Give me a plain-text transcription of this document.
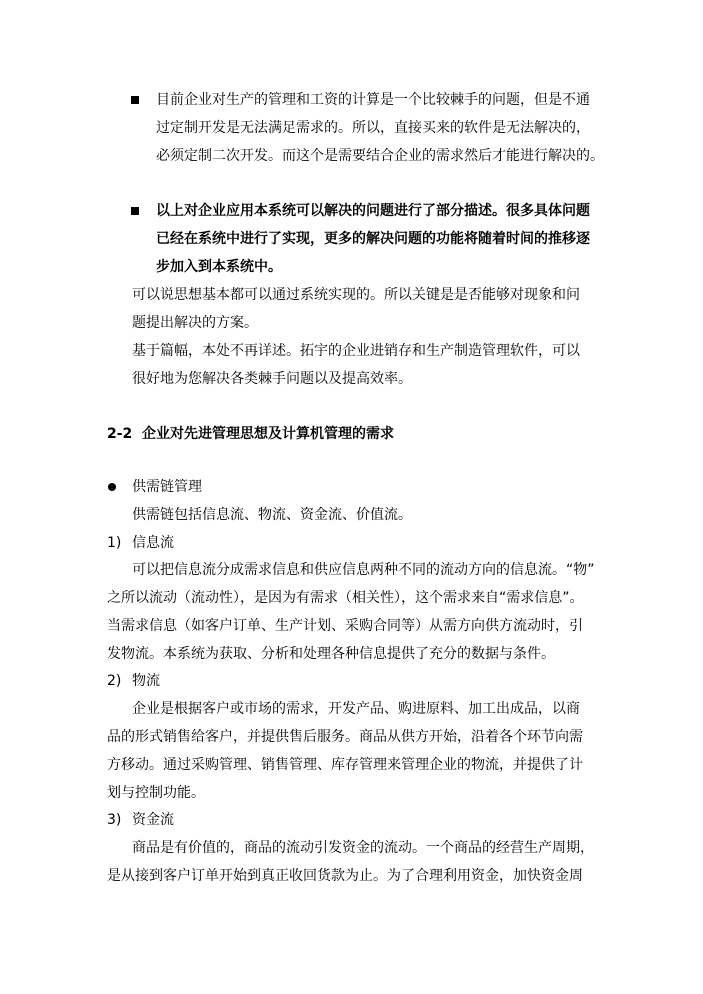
目前企业对生产的管理和工资的计算是一个比较棘手的问题，但是不通
过定制开发是无法满足需求的。所以，直接买来的软件是无法解决的，
必须定制二次开发。而这个是需要结合企业的需求然后才能进行解决的。
以上对企业应用本系统可以解决的问题进行了部分描述。很多具体问题
已经在系统中进行了实现，更多的解决问题的功能将随着时间的推移逐
步加入到本系统中。
可以说思想基本都可以通过系统实现的。所以关键是是否能够对现象和问
题提出解决的方案。
基于篇幅，本处不再详述。拓宇的企业进销存和生产制造管理软件，可以
很好地为您解决各类棘手问题以及提高效率。
2-2 企业对先进管理思想及计算机管理的需求
供需链管理
供需链包括信息流、物流、资金流、价值流。
1) 信息流
可以把信息流分成需求信息和供应信息两种不同的流动方向的信息流。“物”
之所以流动（流动性），是因为有需求（相关性），这个需求来自“需求信息”。
当需求信息（如客户订单、生产计划、采购合同等）从需方向供方流动时，引
发物流。本系统为获取、分析和处理各种信息提供了充分的数据与条件。
2) 物流
企业是根据客户或市场的需求，开发产品、购进原料、加工出成品，以商
品的形式销售给客户，并提供售后服务。商品从供方开始，沿着各个环节向需
方移动。通过采购管理、销售管理、库存管理来管理企业的物流，并提供了计
划与控制功能。
3) 资金流
商品是有价值的，商品的流动引发资金的流动。一个商品的经营生产周期，
是从接到客户订单开始到真正收回货款为止。为了合理利用资金，加快资金周
